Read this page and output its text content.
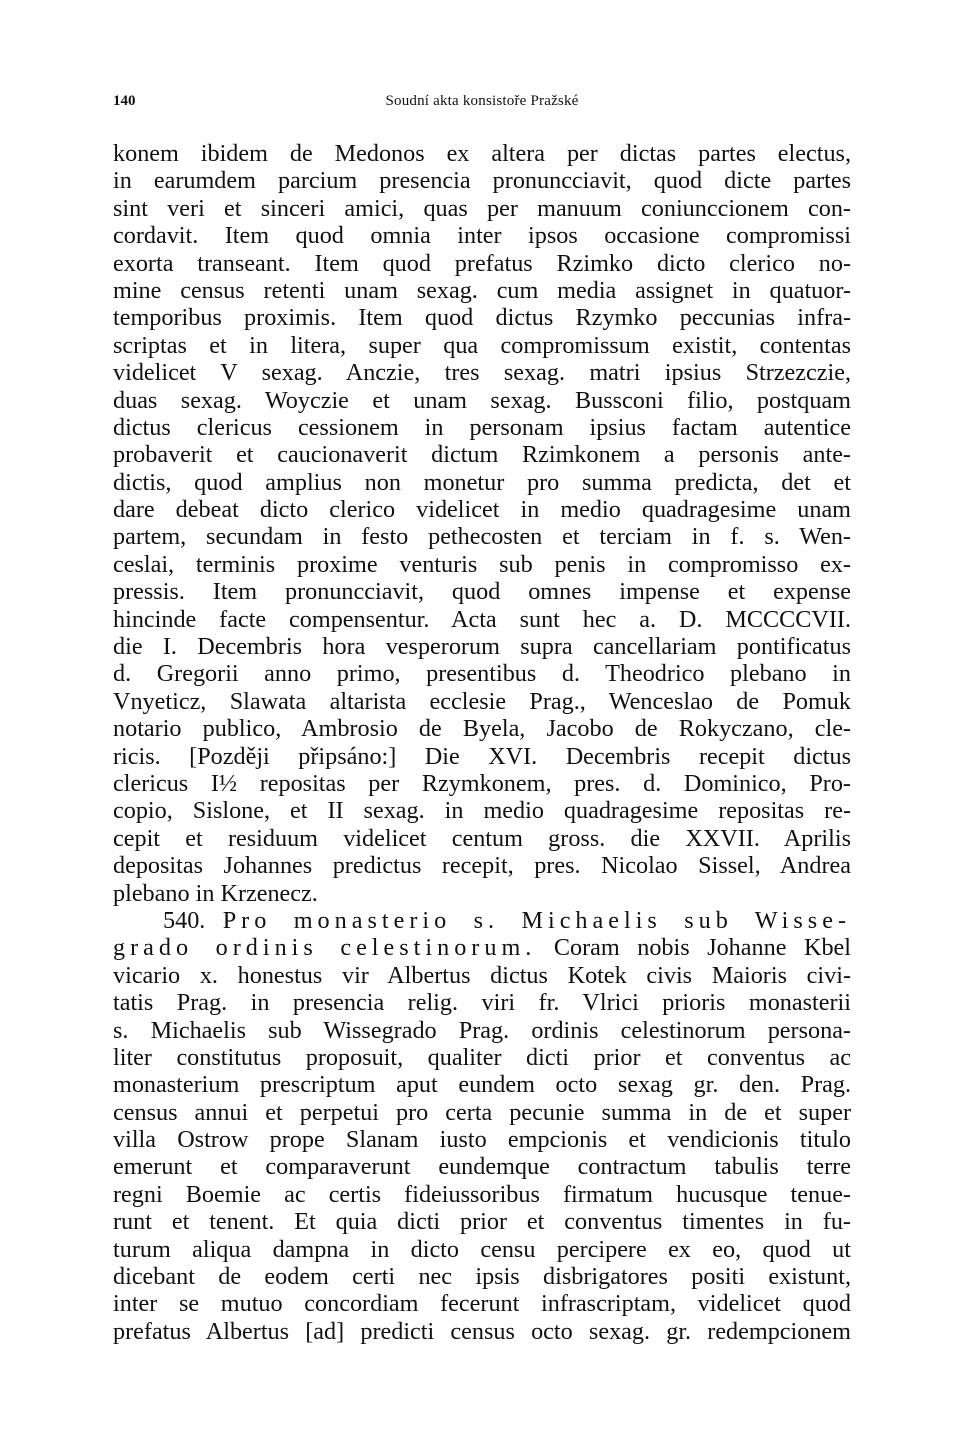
140	Soudní akta konsistoře Pražské
konem ibidem de Medonos ex altera per dictas partes electus,
in earumdem parcium presencia pronuncciavit, quod dicte partes
sint veri et sinceri amici, quas per manuum coniunccionem con-
cordavit. Item quod omnia inter ipsos occasione compromissi
exorta transeant. Item quod prefatus Rzimko dicto clerico no-
mine census retenti unam sexag. cum media assignet in quatuor-
temporibus proximis. Item quod dictus Rzymko peccunias infra-
scriptas et in litera, super qua compromissum existit, contentas
videlicet V sexag. Anczie, tres sexag. matri ipsius Strzezczie,
duas sexag. Woyczie et unam sexag. Bussconi filio, postquam
dictus clericus cessionem in personam ipsius factam autentice
probaverit et caucionaverit dictum Rzimkonem a personis ante-
dictis, quod amplius non monetur pro summa predicta, det et
dare debeat dicto clerico videlicet in medio quadragesime unam
partem, secundam in festo pethecosten et terciam in f. s. Wen-
ceslai, terminis proxime venturis sub penis in compromisso ex-
pressis. Item pronuncciavit, quod omnes impense et expense
hincinde facte compensentur. Acta sunt hec a. D. MCCCCVII.
die I. Decembris hora vesperorum supra cancellariam pontificatus
d. Gregorii anno primo, presentibus d. Theodrico plebano in
Vnyeticz, Slawata altarista ecclesie Prag., Wenceslao de Pomuk
notario publico, Ambrosio de Byela, Jacobo de Rokyczano, cle-
ricis. [Později připsáno:] Die XVI. Decembris recepit dictus
clericus I½ repositas per Rzymkonem, pres. d. Dominico, Pro-
copio, Sislone, et II sexag. in medio quadragesime repositas re-
cepit et residuum videlicet centum gross. die XXVII. Aprilis
depositas Johannes predictus recepit, pres. Nicolao Sissel, Andrea
plebano in Krzenecz.
540. Pro monasterio s. Michaelis sub Wisse-
grado ordinis celestinorum. Coram nobis Johanne Kbel
vicario x. honestus vir Albertus dictus Kotek civis Maioris civi-
tatis Prag. in presencia relig. viri fr. Vlrici prioris monasterii
s. Michaelis sub Wissegrado Prag. ordinis celestinorum persona-
liter constitutus proposuit, qualiter dicti prior et conventus ac
monasterium prescriptum aput eundem octo sexag gr. den. Prag.
census annui et perpetui pro certa pecunie summa in de et super
villa Ostrow prope Slanam iusto empcionis et vendicionis titulo
emerunt et comparaverunt eundemque contractum tabulis terre
regni Boemie ac certis fideiussoribus firmatum hucusque tenue-
runt et tenent. Et quia dicti prior et conventus timentes in fu-
turum aliqua dampna in dicto censu percipere ex eo, quod ut
dicebant de eodem certi nec ipsis disbrigatores positi existunt,
inter se mutuo concordiam fecerunt infrascriptam, videlicet quod
prefatus Albertus [ad] predicti census octo sexag. gr. redempcionem
